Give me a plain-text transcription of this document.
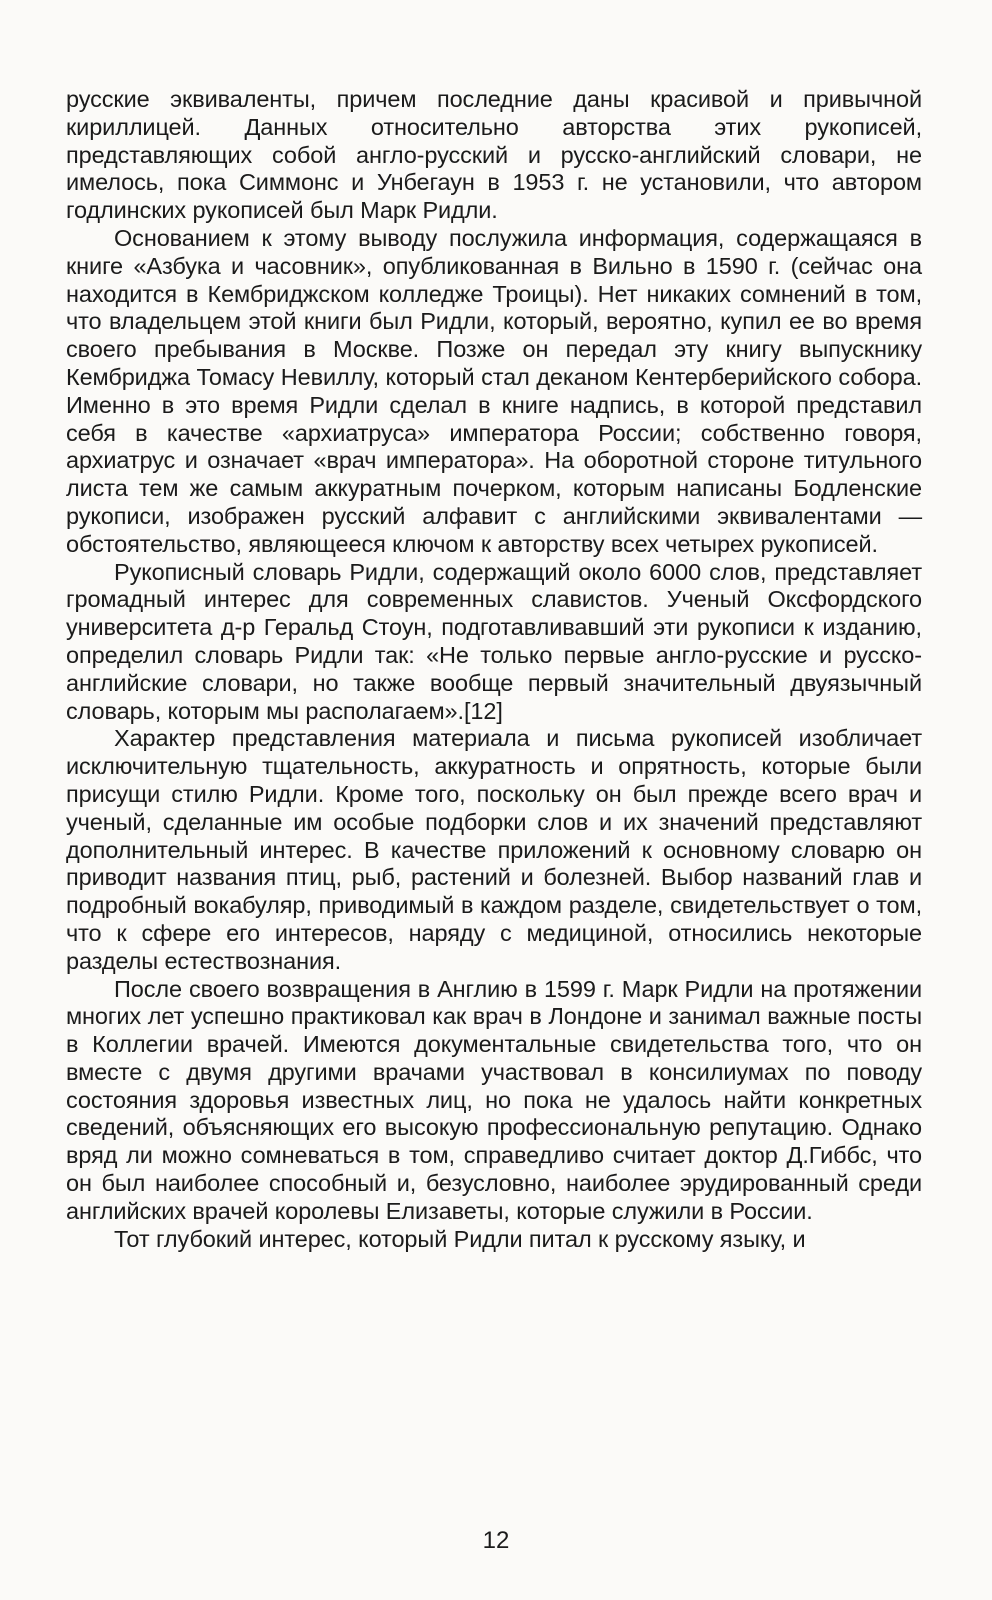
русские эквиваленты, причем последние даны красивой и привычной кириллицей. Данных относительно авторства этих рукописей, представляющих собой англо-русский и русско-английский словари, не имелось, пока Симмонс и Унбегаун в 1953 г. не установили, что автором годлинских рукописей был Марк Ридли.

Основанием к этому выводу послужила информация, содержащаяся в книге «Азбука и часовник», опубликованная в Вильно в 1590 г. (сейчас она находится в Кембриджском колледже Троицы). Нет никаких сомнений в том, что владельцем этой книги был Ридли, который, вероятно, купил ее во время своего пребывания в Москве. Позже он передал эту книгу выпускнику Кембриджа Томасу Невиллу, который стал деканом Кентерберийского собора. Именно в это время Ридли сделал в книге надпись, в которой представил себя в качестве «архиатруса» императора России; собственно говоря, архиатрус и означает «врач императора». На оборотной стороне титульного листа тем же самым аккуратным почерком, которым написаны Бодленские рукописи, изображен русский алфавит с английскими эквивалентами — обстоятельство, являющееся ключом к авторству всех четырех рукописей.

Рукописный словарь Ридли, содержащий около 6000 слов, представляет громадный интерес для современных славистов. Ученый Оксфордского университета д-р Геральд Стоун, подготавливавший эти рукописи к изданию, определил словарь Ридли так: «Не только первые англо-русские и русско-английские словари, но также вообще первый значительный двуязычный словарь, которым мы располагаем».[12]

Характер представления материала и письма рукописей изобличает исключительную тщательность, аккуратность и опрятность, которые были присущи стилю Ридли. Кроме того, поскольку он был прежде всего врач и ученый, сделанные им особые подборки слов и их значений представляют дополнительный интерес. В качестве приложений к основному словарю он приводит названия птиц, рыб, растений и болезней. Выбор названий глав и подробный вокабуляр, приводимый в каждом разделе, свидетельствует о том, что к сфере его интересов, наряду с медициной, относились некоторые разделы естествознания.

После своего возвращения в Англию в 1599 г. Марк Ридли на протяжении многих лет успешно практиковал как врач в Лондоне и занимал важные посты в Коллегии врачей. Имеются документальные свидетельства того, что он вместе с двумя другими врачами участвовал в консилиумах по поводу состояния здоровья известных лиц, но пока не удалось найти конкретных сведений, объясняющих его высокую профессиональную репутацию. Однако вряд ли можно сомневаться в том, справедливо считает доктор Д.Гиббс, что он был наиболее способный и, безусловно, наиболее эрудированный среди английских врачей королевы Елизаветы, которые служили в России.

Тот глубокий интерес, который Ридли питал к русскому языку, и

12
